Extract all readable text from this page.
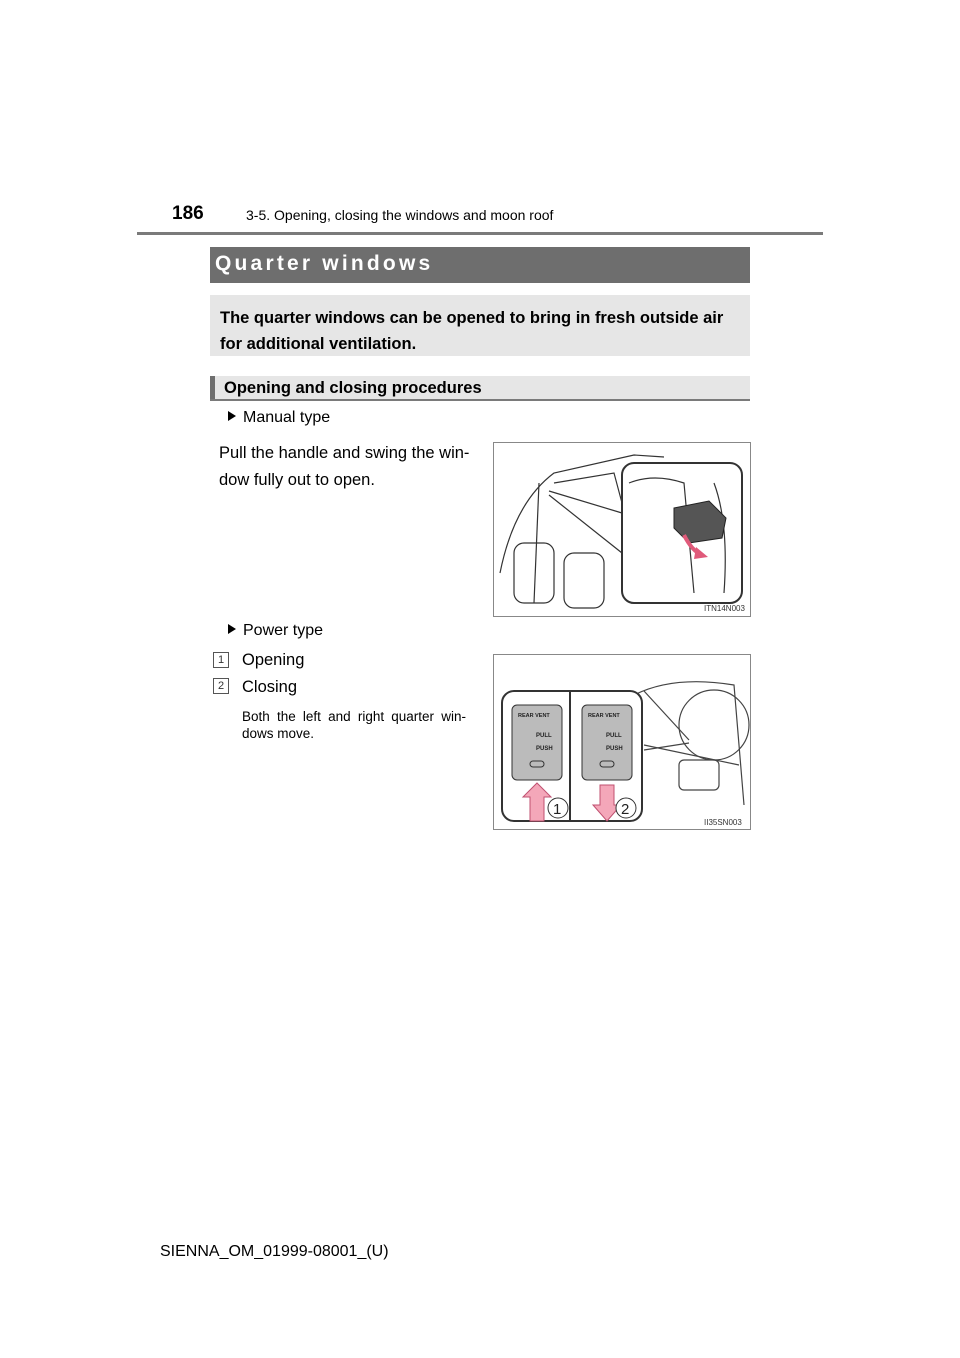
186	3-5. Opening, closing the windows and moon roof
Quarter windows
The quarter windows can be opened to bring in fresh outside air for additional ventilation.
Opening and closing procedures
Manual type
Pull the handle and swing the win-dow fully out to open.
ITN14N003
Power type
1 Opening
2 Closing
Both the left and right quarter win-dows move.
REAR VENT
PULL
PUSH
1
REAR VENT
PULL
PUSH
2
II35SN003
SIENNA_OM_01999-08001_(U)
